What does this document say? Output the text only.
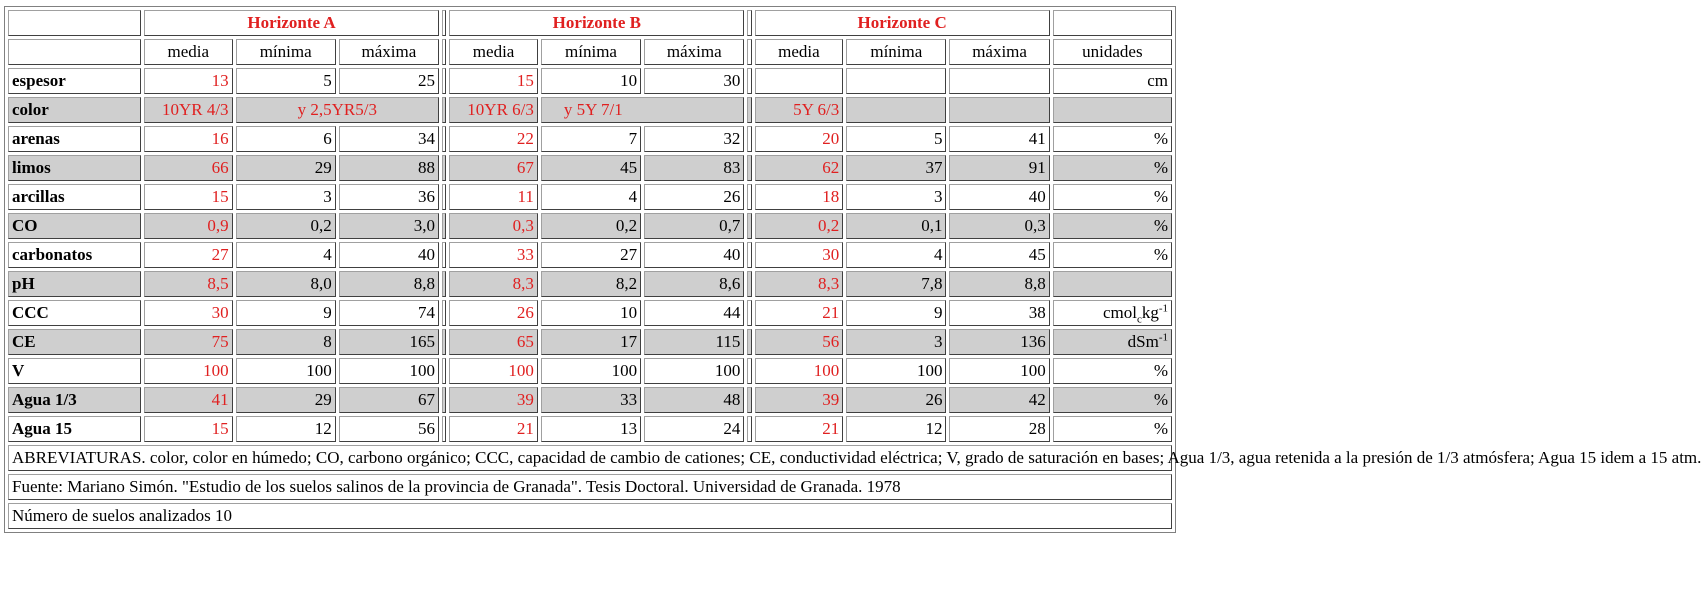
	Horizonte A				Horizonte B				Horizonte C			
	media	mínima	máxima		media	mínima	máxima		media	mínima	máxima	unidades
espesor	13	5	25		15	10	30					cm
color	10YR 4/3	y 2,5YR5/3			10YR 6/3	y 5Y 7/1			5Y 6/3			
arenas	16	6	34		22	7	32		20	5	41	%
limos	66	29	88		67	45	83		62	37	91	%
arcillas	15	3	36		11	4	26		18	3	40	%
CO	0,9	0,2	3,0		0,3	0,2	0,7		0,2	0,1	0,3	%
carbonatos	27	4	40		33	27	40		30	4	45	%
pH	8,5	8,0	8,8		8,3	8,2	8,6		8,3	7,8	8,8	
CCC	30	9	74		26	10	44		21	9	38	$cmol_ckg^{-1}$
CE	75	8	165		65	17	115		56	3	136	dSm$^{-1}$
V	100	100	100		100	100	100		100	100	100	%
Agua 1/3	41	29	67		39	33	48		39	26	42	%
Agua 15	15	12	56		21	13	24		21	12	28	%
ABREVIATURAS. color, color en húmedo; CO, carbono orgánico; CCC, capacidad de cambio de cationes; CE, conductividad eléctrica; V, grado de saturación en bases; Agua 1/3, agua retenida a la presión de 1/3 atmósfera; Agua 15 idem a 15 atm.												
Fuente: Mariano Simón. "Estudio de los suelos salinos de la provincia de Granada". Tesis Doctoral. Universidad de Granada. 1978												
Número de suelos analizados 10												
